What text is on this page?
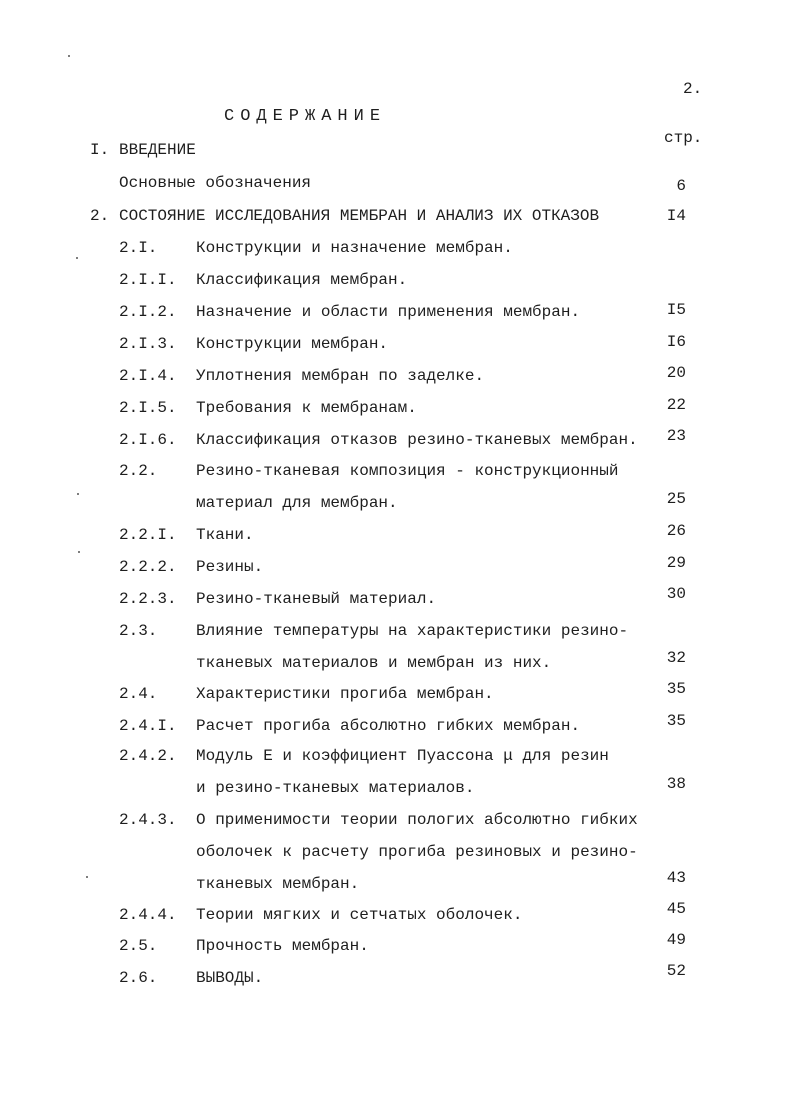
2.
СОДЕРЖАНИЕ
стр.
I. ВВЕДЕНИЕ
Основные обозначения	6
2. СОСТОЯНИЕ ИССЛЕДОВАНИЯ МЕМБРАН И АНАЛИЗ ИХ ОТКАЗОВ	I4
2.I. Конструкции и назначение мембран.
2.I.I. Классификация мембран.
2.I.2. Назначение и области применения мембран.	I5
2.I.3. Конструкции мембран.	I6
2.I.4. Уплотнения мембран по заделке.	20
2.I.5. Требования к мембранам.	22
2.I.6. Классификация отказов резино-тканевых мембран.	23
2.2. Резино-тканевая композиция - конструкционный
материал для мембран.	25
2.2.I. Ткани.	26
2.2.2. Резины.	29
2.2.3. Резино-тканевый материал.	30
2.3. Влияние температуры на характеристики резино-
тканевых материалов и мембран из них.	32
2.4. Характеристики прогиба мембран.	35
2.4.I. Расчет прогиба абсолютно гибких мембран.	35
2.4.2. Модуль Е и коэффициент Пуассона μ для резин
и резино-тканевых материалов.	38
2.4.3. О применимости теории пологих абсолютно гибких
оболочек к расчету прогиба резиновых и резино-
тканевых мембран.	43
2.4.4. Теории мягких и сетчатых оболочек.	45
2.5. Прочность мембран.	49
2.6. ВЫВОДЫ.	52
